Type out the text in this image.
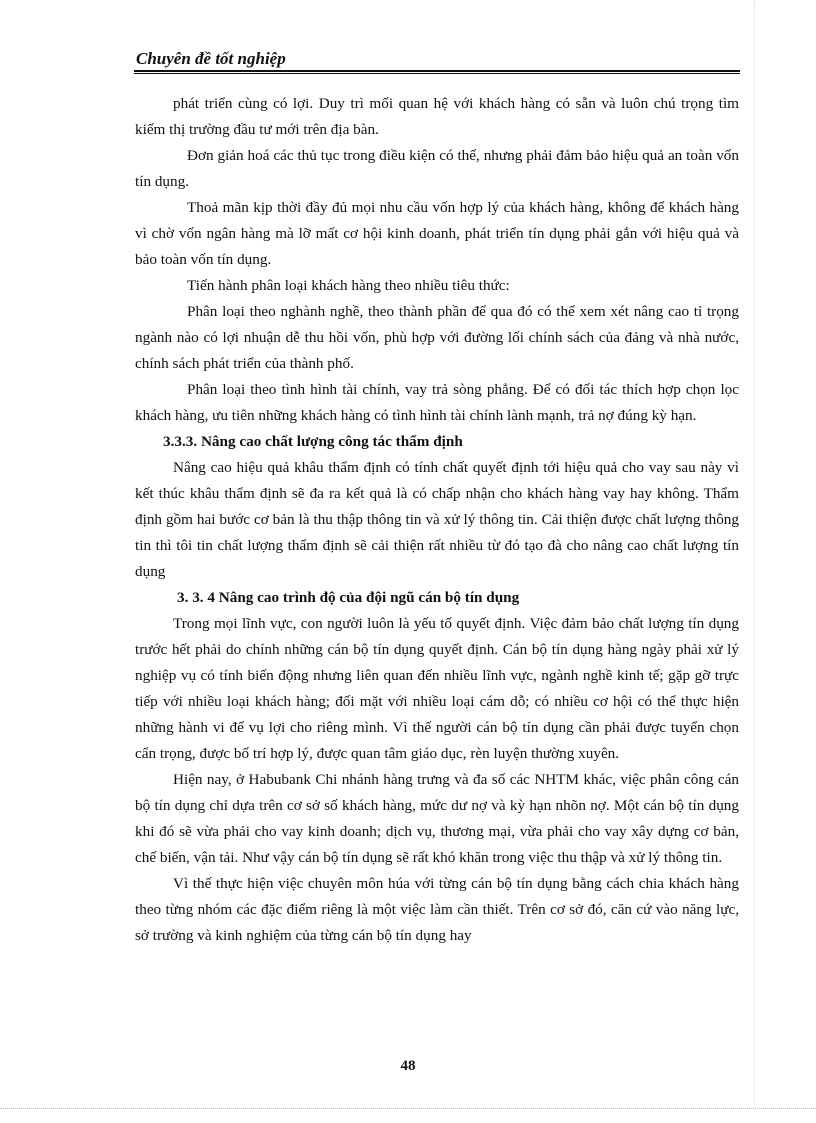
Chuyên đề tốt nghiệp

phát triển cùng có lợi. Duy trì mối quan hệ với khách hàng có sẵn và luôn chú trọng tìm kiếm thị trường đầu tư mới trên địa bàn.

Đơn giản hoá các thủ tục trong điều kiện có thể, nhưng phải đảm bảo hiệu quả an toàn vốn tín dụng.

Thoả mãn kịp thời đầy đủ mọi nhu cầu vốn hợp lý của khách hàng, không để khách hàng vì chờ vốn ngân hàng mà lỡ mất cơ hội kinh doanh, phát triển tín dụng phải gắn với hiệu quả và bảo toàn vốn tín dụng.

Tiến hành phân loại khách hàng theo nhiều tiêu thức:

Phân loại theo nghành nghề, theo thành phần để qua đó có thể xem xét nâng cao tỉ trọng ngành nào có lợi nhuận dễ thu hồi vốn, phù hợp với đường lối chính sách của đảng và nhà nước, chính sách phát triển của thành phố.

Phân loại theo tình hình tài chính, vay trả sòng phẳng. Để có đối tác thích hợp chọn lọc khách hàng, ưu tiên những khách hàng có tình hình tài chính lành mạnh, trả nợ đúng kỳ hạn.

3.3.3. Nâng cao chất lượng công tác thẩm định

Nâng cao hiệu quả khâu thẩm định có tính chất quyết định tới hiệu quả cho vay sau này vì kết thúc khâu thẩm định sẽ đa ra kết quả là có chấp nhận cho khách hàng vay hay không. Thẩm định gồm hai bước cơ bản là thu thập thông tin và xử lý thông tin. Cải thiện được chất lượng thông tin thì tôi tin chất lượng thẩm định sẽ cải thiện rất nhiều từ đó tạo đà cho nâng cao chất lượng tín dụng

3. 3. 4 Nâng cao trình độ của đội ngũ cán bộ tín dụng

Trong mọi lĩnh vực, con người luôn là yếu tố quyết định. Việc đảm bảo chất lượng tín dụng trước hết phải do chính những cán bộ tín dụng quyết định. Cán bộ tín dụng hàng ngày phải xử lý nghiệp vụ có tính biến động nhưng liên quan đến nhiều lĩnh vực, ngành nghề kinh tế; gặp gỡ trực tiếp với nhiều loại khách hàng; đối mặt với nhiều loại cám dỗ; có nhiều cơ hội có thể thực hiện những hành vi để vụ lợi cho riêng mình. Vì thế người cán bộ tín dụng cần phải được tuyển chọn cẩn trọng, được bố trí hợp lý, được quan tâm giáo dục, rèn luyện thường xuyên.

Hiện nay, ở Habubank Chi nhánh hàng trưng và đa số các NHTM khác, việc phân công cán bộ tín dụng chỉ dựa trên cơ sở số khách hàng, mức dư nợ và kỳ hạn nhõn nợ. Một cán bộ tín dụng khi đó sẽ vừa phải cho vay kinh doanh; dịch vụ, thương mại, vừa phải cho vay xây dựng cơ bản, chế biến, vận tải. Như vậy cán bộ tín dụng sẽ rất khó khăn trong việc thu thập và xử lý thông tin.

Vì thế thực hiện việc chuyên môn húa với từng cán bộ tín dụng bằng cách chia khách hàng theo từng nhóm các đặc điểm riêng là một việc làm cần thiết. Trên cơ sở đó, căn cứ vào năng lực, sở trường và kinh nghiệm của từng cán bộ tín dụng hay

48
